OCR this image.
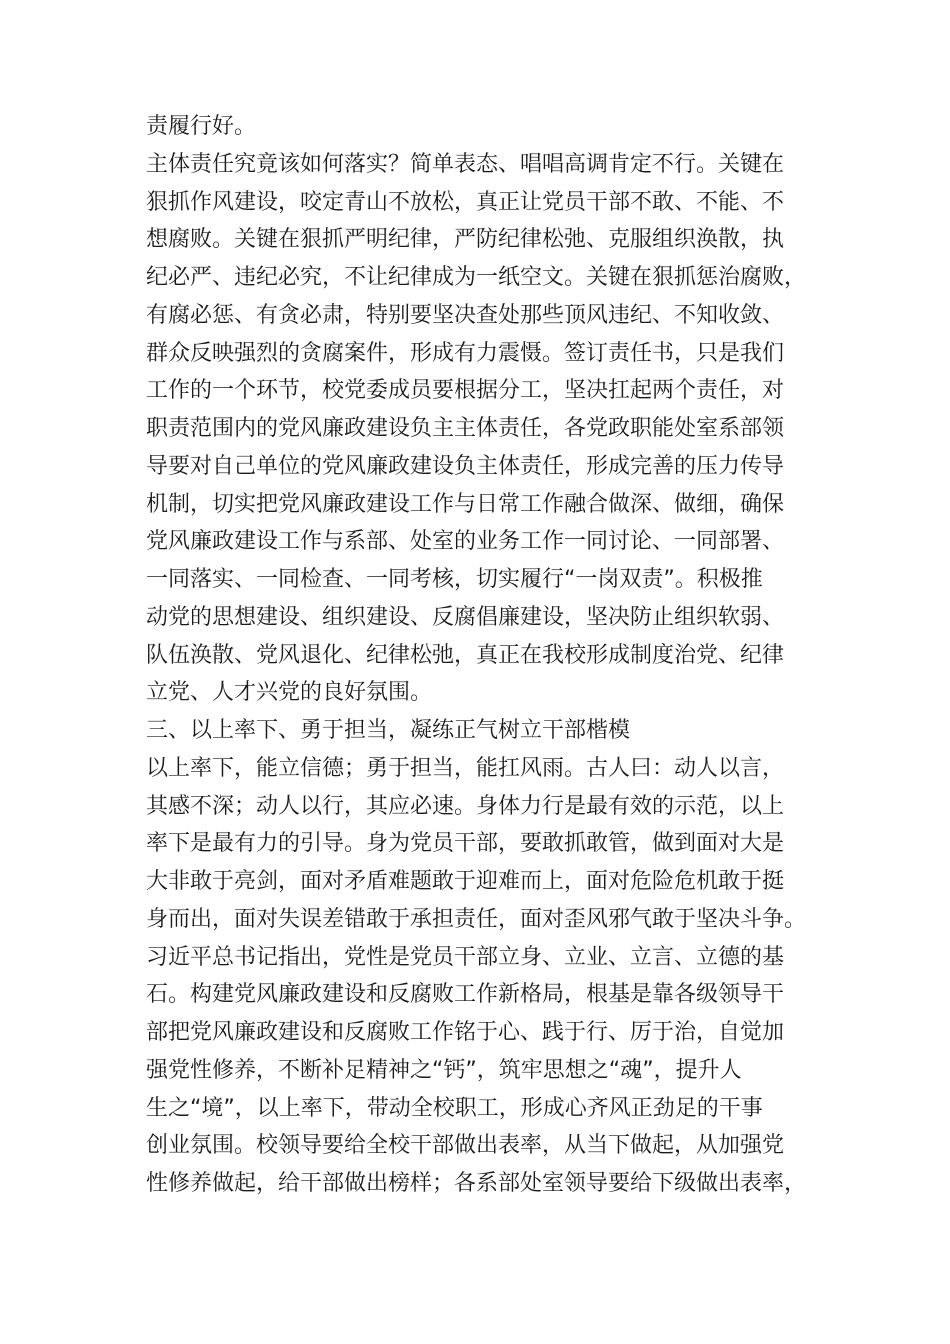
责履行好。
主体责任究竟该如何落实？简单表态、唱唱高调肯定不行。关键在
狠抓作风建设，咬定青山不放松，真正让党员干部不敢、不能、不
想腐败。关键在狠抓严明纪律，严防纪律松弛、克服组织涣散，执
纪必严、违纪必究，不让纪律成为一纸空文。关键在狠抓惩治腐败，
有腐必惩、有贪必肃，特别要坚决查处那些顶风违纪、不知收敛、
群众反映强烈的贪腐案件，形成有力震慑。签订责任书，只是我们
工作的一个环节，校党委成员要根据分工，坚决扛起两个责任，对
职责范围内的党风廉政建设负主主体责任，各党政职能处室系部领
导要对自己单位的党风廉政建设负主体责任，形成完善的压力传导
机制，切实把党风廉政建设工作与日常工作融合做深、做细，确保
党风廉政建设工作与系部、处室的业务工作一同讨论、一同部署、
一同落实、一同检查、一同考核，切实履行“一岗双责”。积极推
动党的思想建设、组织建设、反腐倡廉建设，坚决防止组织软弱、
队伍涣散、党风退化、纪律松弛，真正在我校形成制度治党、纪律
立党、人才兴党的良好氛围。
三、以上率下、勇于担当，凝练正气树立干部楷模
以上率下，能立信德；勇于担当，能扛风雨。古人曰：动人以言，
其感不深；动人以行，其应必速。身体力行是最有效的示范，以上
率下是最有力的引导。身为党员干部，要敢抓敢管，做到面对大是
大非敢于亮剑，面对矛盾难题敢于迎难而上，面对危险危机敢于挺
身而出，面对失误差错敢于承担责任，面对歪风邪气敢于坚决斗争。
习近平总书记指出，党性是党员干部立身、立业、立言、立德的基
石。构建党风廉政建设和反腐败工作新格局，根基是靠各级领导干
部把党风廉政建设和反腐败工作铭于心、践于行、厉于治，自觉加
强党性修养，不断补足精神之“钙”，筑牢思想之“魂”，提升人
生之“境”，以上率下，带动全校职工，形成心齐风正劲足的干事
创业氛围。校领导要给全校干部做出表率，从当下做起，从加强党
性修养做起，给干部做出榜样；各系部处室领导要给下级做出表率，
